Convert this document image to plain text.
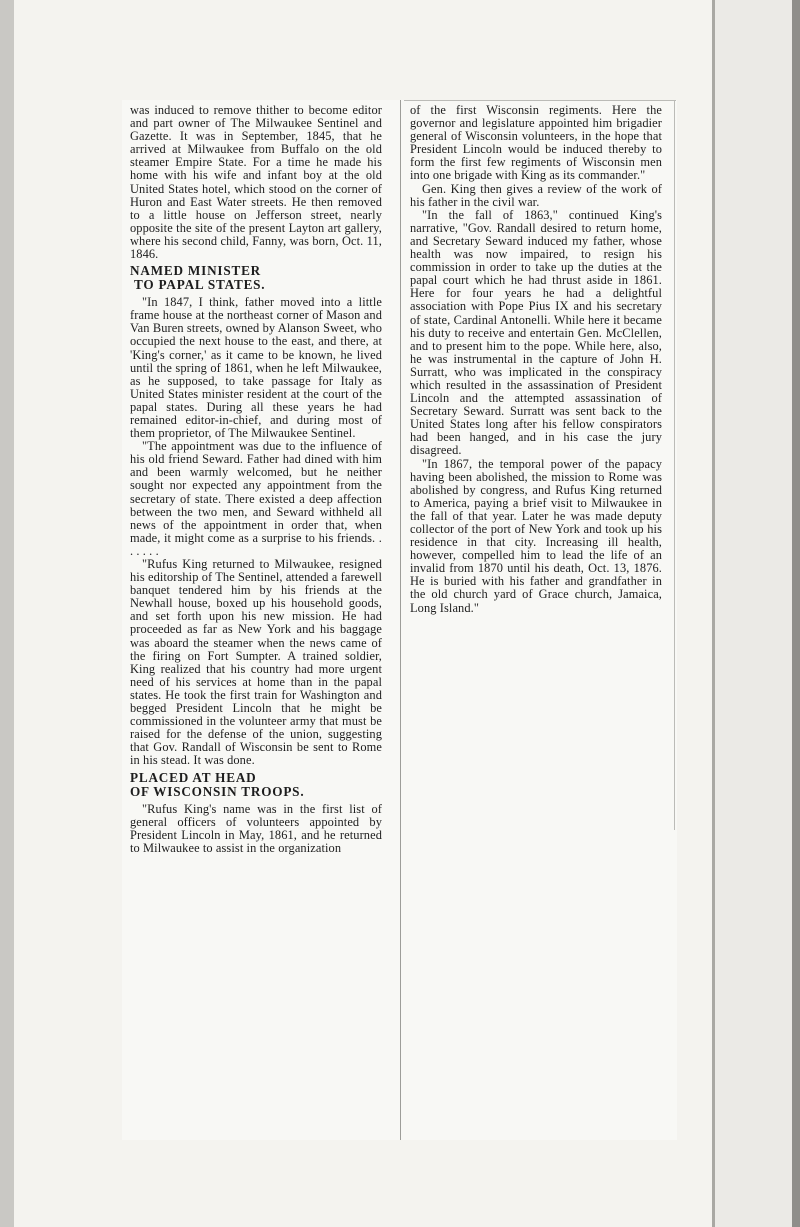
was induced to remove thither to become editor and part owner of The Milwaukee Sentinel and Gazette. It was in September, 1845, that he arrived at Milwaukee from Buffalo on the old steamer Empire State. For a time he made his home with his wife and infant boy at the old United States hotel, which stood on the corner of Huron and East Water streets. He then removed to a little house on Jefferson street, nearly opposite the site of the present Layton art gallery, where his second child, Fanny, was born, Oct. 11, 1846.

NAMED MINISTER
TO PAPAL STATES.

"In 1847, I think, father moved into a little frame house at the northeast corner of Mason and Van Buren streets, owned by Alanson Sweet, who occupied the next house to the east, and there, at 'King's corner,' as it came to be known, he lived until the spring of 1861, when he left Milwaukee, as he supposed, to take passage for Italy as United States minister resident at the court of the papal states. During all these years he had remained editor-in-chief, and during most of them proprietor, of The Milwaukee Sentinel.

"The appointment was due to the influence of his old friend Seward. Father had dined with him and been warmly welcomed, but he neither sought nor expected any appointment from the secretary of state. There existed a deep affection between the two men, and Seward withheld all news of the appointment in order that, when made, it might come as a surprise to his friends. . . . . . .

"Rufus King returned to Milwaukee, resigned his editorship of The Sentinel, attended a farewell banquet tendered him by his friends at the Newhall house, boxed up his household goods, and set forth upon his new mission. He had proceeded as far as New York and his baggage was aboard the steamer when the news came of the firing on Fort Sumpter. A trained soldier, King realized that his country had more urgent need of his services at home than in the papal states. He took the first train for Washington and begged President Lincoln that he might be commissioned in the volunteer army that must be raised for the defense of the union, suggesting that Gov. Randall of Wisconsin be sent to Rome in his stead. It was done.

PLACED AT HEAD
OF WISCONSIN TROOPS.

"Rufus King's name was in the first list of general officers of volunteers appointed by President Lincoln in May, 1861, and he returned to Milwaukee to assist in the organization

of the first Wisconsin regiments. Here the governor and legislature appointed him brigadier general of Wisconsin volunteers, in the hope that President Lincoln would be induced thereby to form the first few regiments of Wisconsin men into one brigade with King as its commander."

Gen. King then gives a review of the work of his father in the civil war.

"In the fall of 1863," continued King's narrative, "Gov. Randall desired to return home, and Secretary Seward induced my father, whose health was now impaired, to resign his commission in order to take up the duties at the papal court which he had thrust aside in 1861. Here for four years he had a delightful association with Pope Pius IX and his secretary of state, Cardinal Antonelli. While here it became his duty to receive and entertain Gen. McClellen, and to present him to the pope. While here, also, he was instrumental in the capture of John H. Surratt, who was implicated in the conspiracy which resulted in the assassination of President Lincoln and the attempted assassination of Secretary Seward. Surratt was sent back to the United States long after his fellow conspirators had been hanged, and in his case the jury disagreed.

"In 1867, the temporal power of the papacy having been abolished, the mission to Rome was abolished by congress, and Rufus King returned to America, paying a brief visit to Milwaukee in the fall of that year. Later he was made deputy collector of the port of New York and took up his residence in that city. Increasing ill health, however, compelled him to lead the life of an invalid from 1870 until his death, Oct. 13, 1876. He is buried with his father and grandfather in the old church yard of Grace church, Jamaica, Long Island."
